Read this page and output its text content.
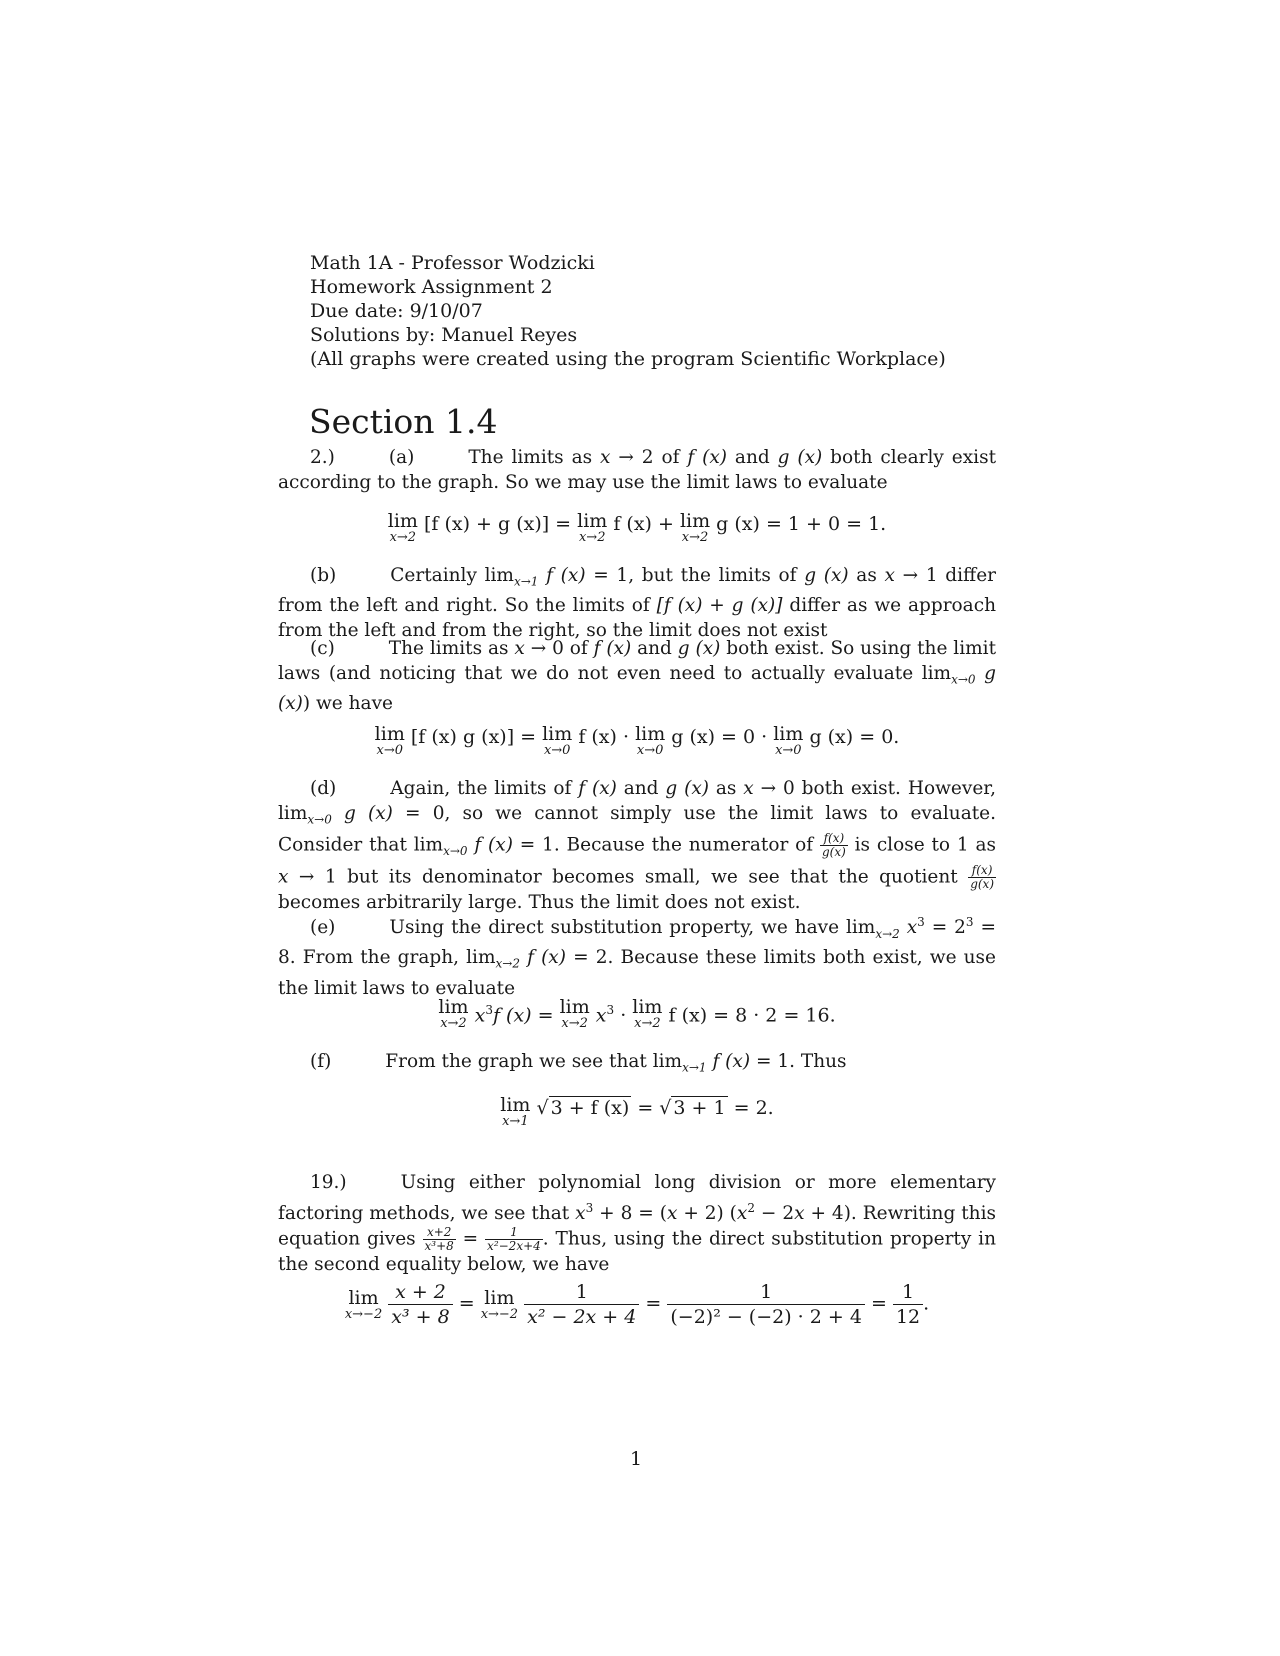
Math 1A - Professor Wodzicki
Homework Assignment 2
Due date: 9/10/07
Solutions by: Manuel Reyes
(All graphs were created using the program Scientific Workplace)
Section 1.4
2.)	(a)	The limits as x → 2 of f (x) and g (x) both clearly exist according to the graph. So we may use the limit laws to evaluate
lim
x→2
[f (x) + g (x)] = lim
x→2
f (x) + lim
x→2
g (x) = 1 + 0 = 1.
(b)	Certainly $\lim_{x\to 1} f$ (x) = 1, but the limits of g (x) as x → 1 differ from the left and right. So the limits of [f (x) + g (x)] differ as we approach from the left and from the right, so the limit does not exist
(c)	The limits as x → 0 of f (x) and g (x) both exist. So using the limit laws (and noticing that we do not even need to actually evaluate $\lim_{x\to 0} g$ (x)) we have
lim
x→0
[f (x) g (x)] = lim
x→0
f (x) · lim
x→0
g (x) = 0 · lim
x→0
g (x) = 0.
(d)	Again, the limits of f (x) and g (x) as x → 0 both exist. However, $\lim_{x\to 0} g$ (x) = 0, so we cannot simply use the limit laws to evaluate. Consider that $\lim_{x\to 0} f$ (x) = 1. Because the numerator of $\frac{f(x)}{g(x)}$ is close to 1 as x → 1 but its denominator becomes small, we see that the quotient $\frac{f(x)}{g(x)}$
becomes arbitrarily large. Thus the limit does not exist.
(e)	Using the direct substitution property, we have $\lim_{x\to 2} x^3 = 2^3 = 8$. From the graph, $\lim_{x\to 2} f$ (x) = 2. Because these limits both exist, we use the limit laws to evaluate
lim
x→2 $x^3f$ (x) = lim
x→2 $x^3 \cdot \lim$
x→2 f (x) = 8 · 2 = 16.
(f)	From the graph we see that $\lim_{x\to 1} f$ (x) = 1. Thus
lim
x→1
√ 3 + f (x) = √ 3 + 1 = 2.
19.)	Using either polynomial long division or more elementary factoring methods, we see that $x^3 + 8 = (x + 2) (x^2 - 2x + 4)$. Rewriting this equation gives $\frac{x+2}{\text{x³+8}} = \frac{1}{\text{x²−2x+4}}$ . Thus, using the direct substitution property in the second equality below, we have
lim
x→−2
$\frac{x + 2}{\text{x³ + 8}} = \lim$
x→−2
$\frac{1}{\text{x² − 2x + 4}} = \frac{1}{\text{(−2)² − (−2) · 2 + 4}} = \frac{1}{12}$ .
1
